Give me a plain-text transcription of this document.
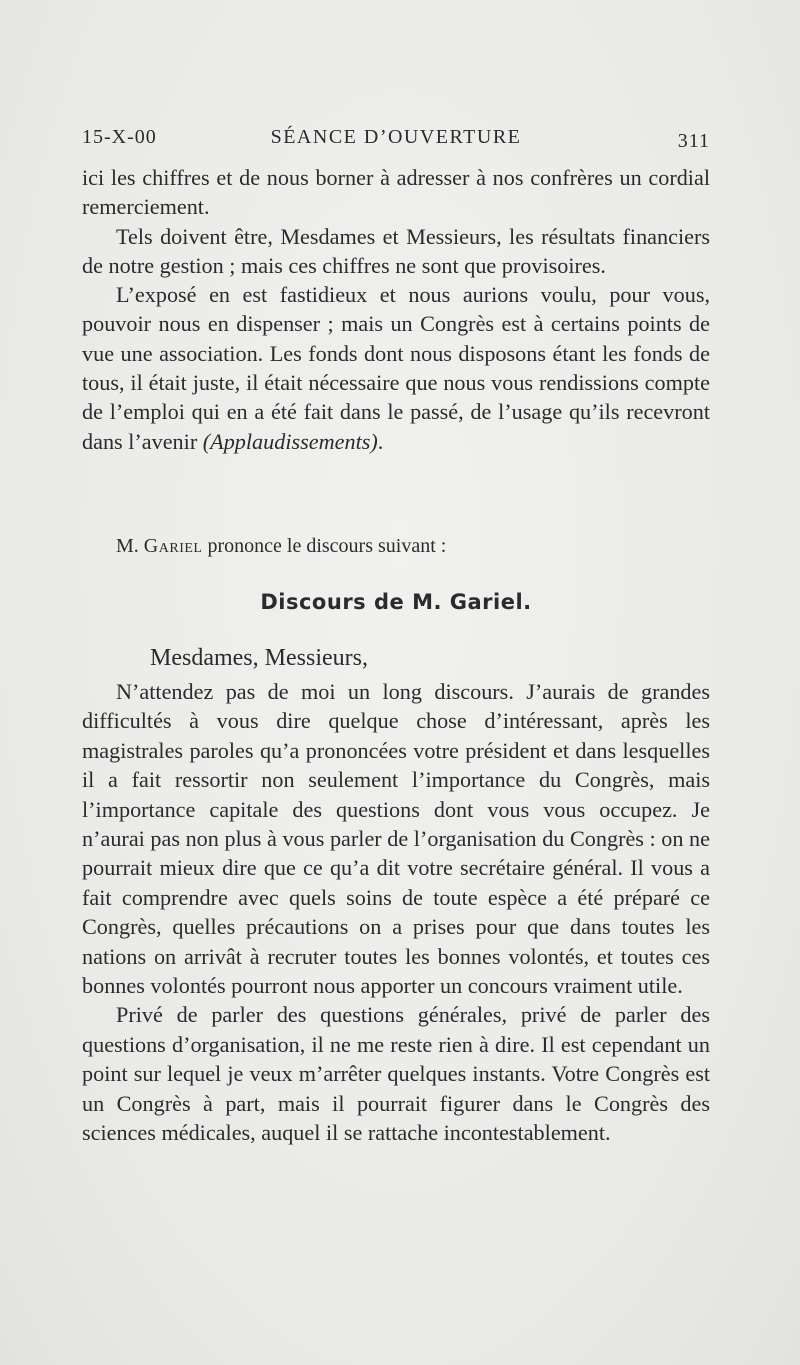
15-X-00	SÉANCE D’OUVERTURE	311

ici les chiffres et de nous borner à adresser à nos confrères un cordial remerciement.

Tels doivent être, Mesdames et Messieurs, les résultats financiers de notre gestion ; mais ces chiffres ne sont que provisoires.

L’exposé en est fastidieux et nous aurions voulu, pour vous, pouvoir nous en dispenser ; mais un Congrès est à certains points de vue une association. Les fonds dont nous disposons étant les fonds de tous, il était juste, il était nécessaire que nous vous rendissions compte de l’emploi qui en a été fait dans le passé, de l’usage qu’ils recevront dans l’avenir (Applaudissements).

M. Gariel prononce le discours suivant :
Discours de M. Gariel.
Mesdames, Messieurs,

N’attendez pas de moi un long discours. J’aurais de grandes difficultés à vous dire quelque chose d’intéressant, après les magistrales paroles qu’a prononcées votre président et dans lesquelles il a fait ressortir non seulement l’importance du Congrès, mais l’importance capitale des questions dont vous vous occupez. Je n’aurai pas non plus à vous parler de l’organisation du Congrès : on ne pourrait mieux dire que ce qu’a dit votre secrétaire général. Il vous a fait comprendre avec quels soins de toute espèce a été préparé ce Congrès, quelles précautions on a prises pour que dans toutes les nations on arrivât à recruter toutes les bonnes volontés, et toutes ces bonnes volontés pourront nous apporter un concours vraiment utile.

Privé de parler des questions générales, privé de parler des questions d’organisation, il ne me reste rien à dire. Il est cependant un point sur lequel je veux m’arrêter quelques instants. Votre Congrès est un Congrès à part, mais il pourrait figurer dans le Congrès des sciences médicales, auquel il se rattache incontestablement.
